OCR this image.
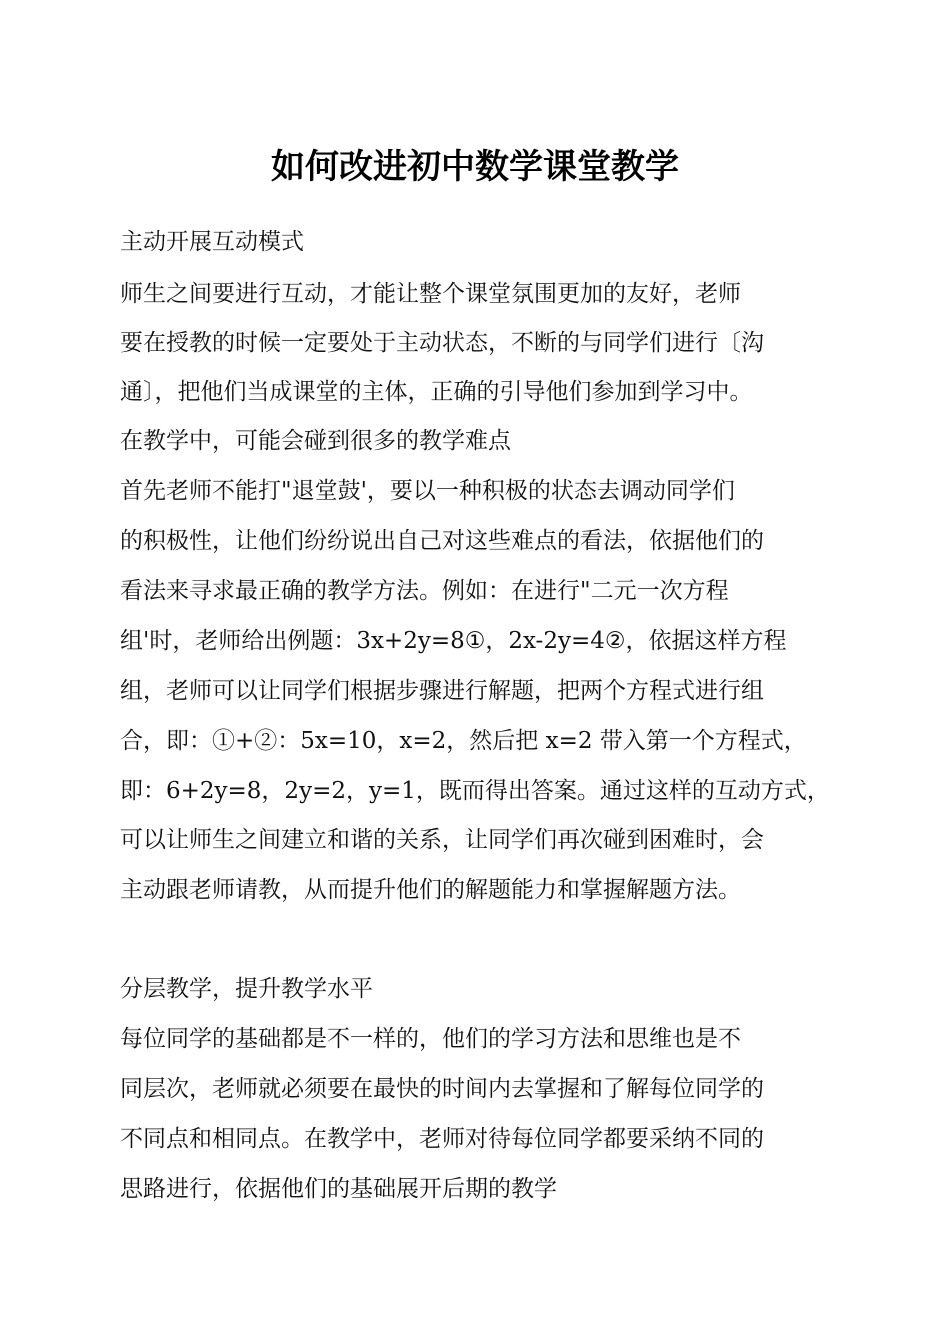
如何改进初中数学课堂教学
主动开展互动模式
师生之间要进行互动，才能让整个课堂氛围更加的友好，老师
要在授教的时候一定要处于主动状态，不断的与同学们进行〔沟
通〕，把他们当成课堂的主体，正确的引导他们参加到学习中。
在教学中，可能会碰到很多的教学难点
首先老师不能打"退堂鼓'，要以一种积极的状态去调动同学们
的积极性，让他们纷纷说出自己对这些难点的看法，依据他们的
看法来寻求最正确的教学方法。例如：在进行"二元一次方程
组'时，老师给出例题：3x+2y=8①，2x-2y=4②，依据这样方程
组，老师可以让同学们根据步骤进行解题，把两个方程式进行组
合，即：①+②：5x=10，x=2，然后把 x=2 带入第一个方程式，
即：6+2y=8，2y=2，y=1，既而得出答案。通过这样的互动方式，
可以让师生之间建立和谐的关系，让同学们再次碰到困难时，会
主动跟老师请教，从而提升他们的解题能力和掌握解题方法。
分层教学，提升教学水平
每位同学的基础都是不一样的，他们的学习方法和思维也是不
同层次，老师就必须要在最快的时间内去掌握和了解每位同学的
不同点和相同点。在教学中，老师对待每位同学都要采纳不同的
思路进行，依据他们的基础展开后期的教学
